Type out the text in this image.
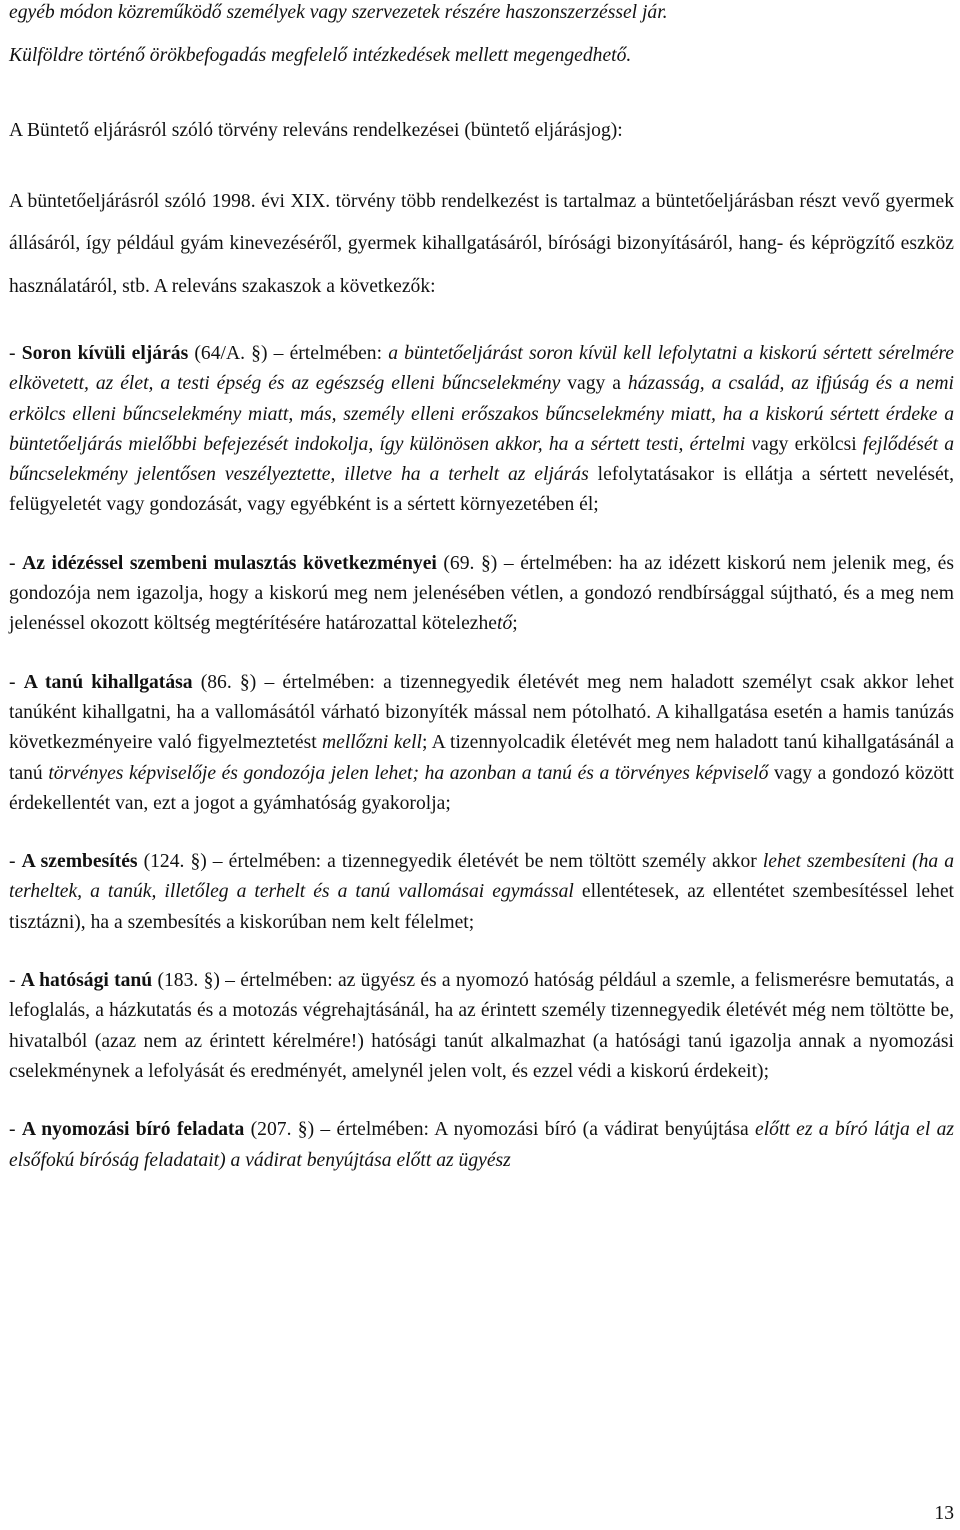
egyéb módon közreműködő személyek vagy szervezetek részére haszonszerzéssel jár.
Külföldre történő örökbefogadás megfelelő intézkedések mellett megengedhető.

A Büntető eljárásról szóló törvény releváns rendelkezései (büntető eljárásjog):

A büntetőeljárásról szóló 1998. évi XIX. törvény több rendelkezést is tartalmaz a büntetőeljárásban részt vevő gyermek állásáról, így például gyám kinevezéséről, gyermek kihallgatásáról, bírósági bizonyításáról, hang- és képrögzítő eszköz használatáról, stb. A releváns szakaszok a következők:

- Soron kívüli eljárás (64/A. §) – értelmében: a büntetőeljárást soron kívül kell lefolytatni a kiskorú sértett sérelmére elkövetett, az élet, a testi épség és az egészség elleni bűncselekmény vagy a házasság, a család, az ifjúság és a nemi erkölcs elleni bűncselekmény miatt, más, személy elleni erőszakos bűncselekmény miatt, ha a kiskorú sértett érdeke a büntetőeljárás mielőbbi befejezését indokolja, így különösen akkor, ha a sértett testi, értelmi vagy erkölcsi fejlődését a bűncselekmény jelentősen veszélyeztette, illetve ha a terhelt az eljárás lefolytatásakor is ellátja a sértett nevelését, felügyeletét vagy gondozását, vagy egyébként is a sértett környezetében él;

- Az idézéssel szembeni mulasztás következményei (69. §) – értelmében: ha az idézett kiskorú nem jelenik meg, és gondozója nem igazolja, hogy a kiskorú meg nem jelenésében vétlen, a gondozó rendbírsággal sújtható, és a meg nem jelenéssel okozott költség megtérítésére határozattal kötelezhető;

- A tanú kihallgatása (86. §) – értelmében: a tizennegyedik életévét meg nem haladott személyt csak akkor lehet tanúként kihallgatni, ha a vallomásától várható bizonyíték mással nem pótolható. A kihallgatása esetén a hamis tanúzás következményeire való figyelmeztetést mellőzni kell; A tizennyolcadik életévét meg nem haladott tanú kihallgatásánál a tanú törvényes képviselője és gondozója jelen lehet; ha azonban a tanú és a törvényes képviselő vagy a gondozó között érdekellentét van, ezt a jogot a gyámhatóság gyakorolja;

- A szembesítés (124. §) – értelmében: a tizennegyedik életévét be nem töltött személy akkor lehet szembesíteni (ha a terheltek, a tanúk, illetőleg a terhelt és a tanú vallomásai egymással ellentétesek, az ellentétet szembesítéssel lehet tisztázni), ha a szembesítés a kiskorúban nem kelt félelmet;

- A hatósági tanú (183. §) – értelmében: az ügyész és a nyomozó hatóság például a szemle, a felismerésre bemutatás, a lefoglalás, a házkutatás és a motozás végrehajtásánál, ha az érintett személy tizennegyedik életévét még nem töltötte be, hivatalból (azaz nem az érintett kérelmére!) hatósági tanút alkalmazhat (a hatósági tanú igazolja annak a nyomozási cselekménynek a lefolyását és eredményét, amelynél jelen volt, és ezzel védi a kiskorú érdekeit);

- A nyomozási bíró feladata (207. §) – értelmében: A nyomozási bíró (a vádirat benyújtása előtt ez a bíró látja el az elsőfokú bíróság feladatait) a vádirat benyújtása előtt az ügyész

13
